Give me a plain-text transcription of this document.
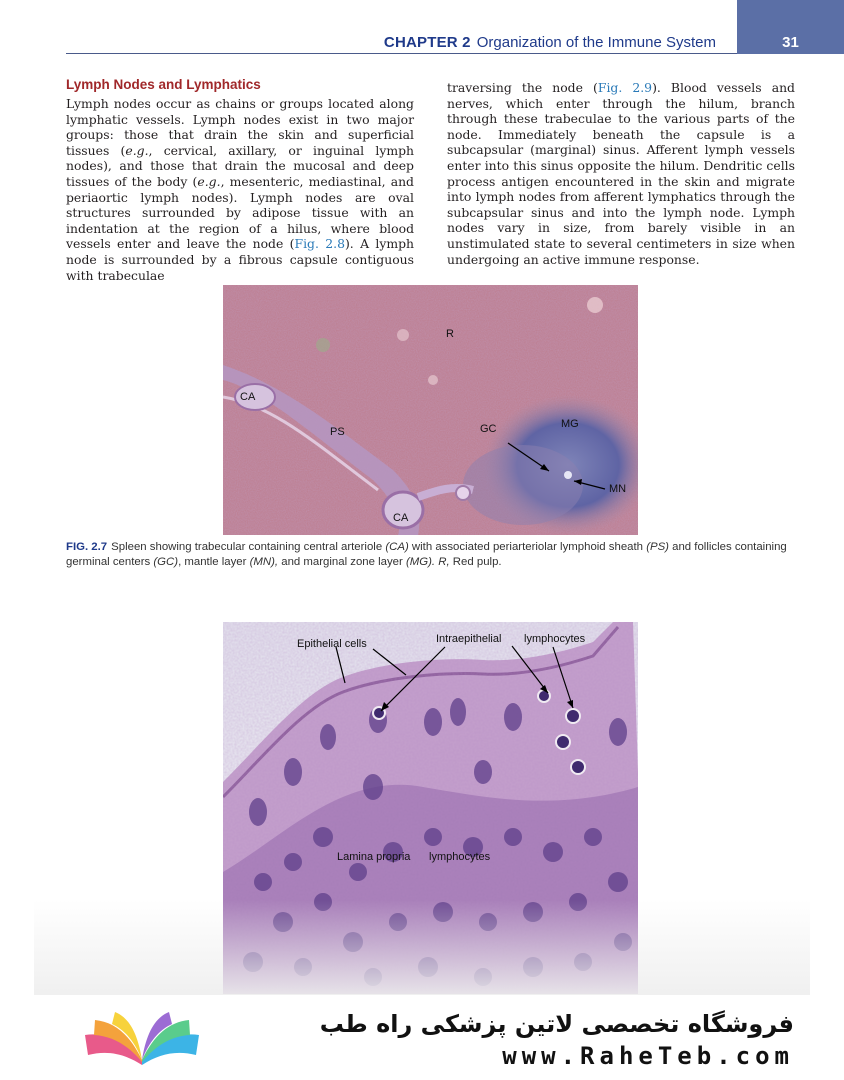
CHAPTER 2 Organization of the Immune System	31
Lymph Nodes and Lymphatics
Lymph nodes occur as chains or groups located along lymphatic vessels. Lymph nodes exist in two major groups: those that drain the skin and superficial tissues (e.g., cervical, axillary, or inguinal lymph nodes), and those that drain the mucosal and deep tissues of the body (e.g., mesenteric, mediastinal, and periaortic lymph nodes). Lymph nodes are oval structures surrounded by adipose tissue with an indentation at the region of a hilus, where blood vessels enter and leave the node (Fig. 2.8). A lymph node is surrounded by a fibrous capsule contiguous with trabeculae
traversing the node (Fig. 2.9). Blood vessels and nerves, which enter through the hilum, branch through these trabeculae to the various parts of the node. Immediately beneath the capsule is a subcapsular (marginal) sinus. Afferent lymph vessels enter into this sinus opposite the hilum. Dendritic cells process antigen encountered in the skin and migrate into lymph nodes from afferent lymphatics through the subcapsular sinus and into the lymph node. Lymph nodes vary in size, from barely visible in an unstimulated state to several centimeters in size when undergoing an active immune response.
R
CA
PS	GC	MG
MN
CA
FIG. 2.7 Spleen showing trabecular containing central arteriole (CA) with associated periarteriolar lymphoid sheath (PS) and follicles containing germinal centers (GC), mantle layer (MN), and marginal zone layer (MG). R, Red pulp.
Epithelial cells	Intraepithelial lymphocytes
Lamina propria lymphocytes
فروشگاه تخصصی لاتین پزشکی راه طب
www.RaheTeb.com
